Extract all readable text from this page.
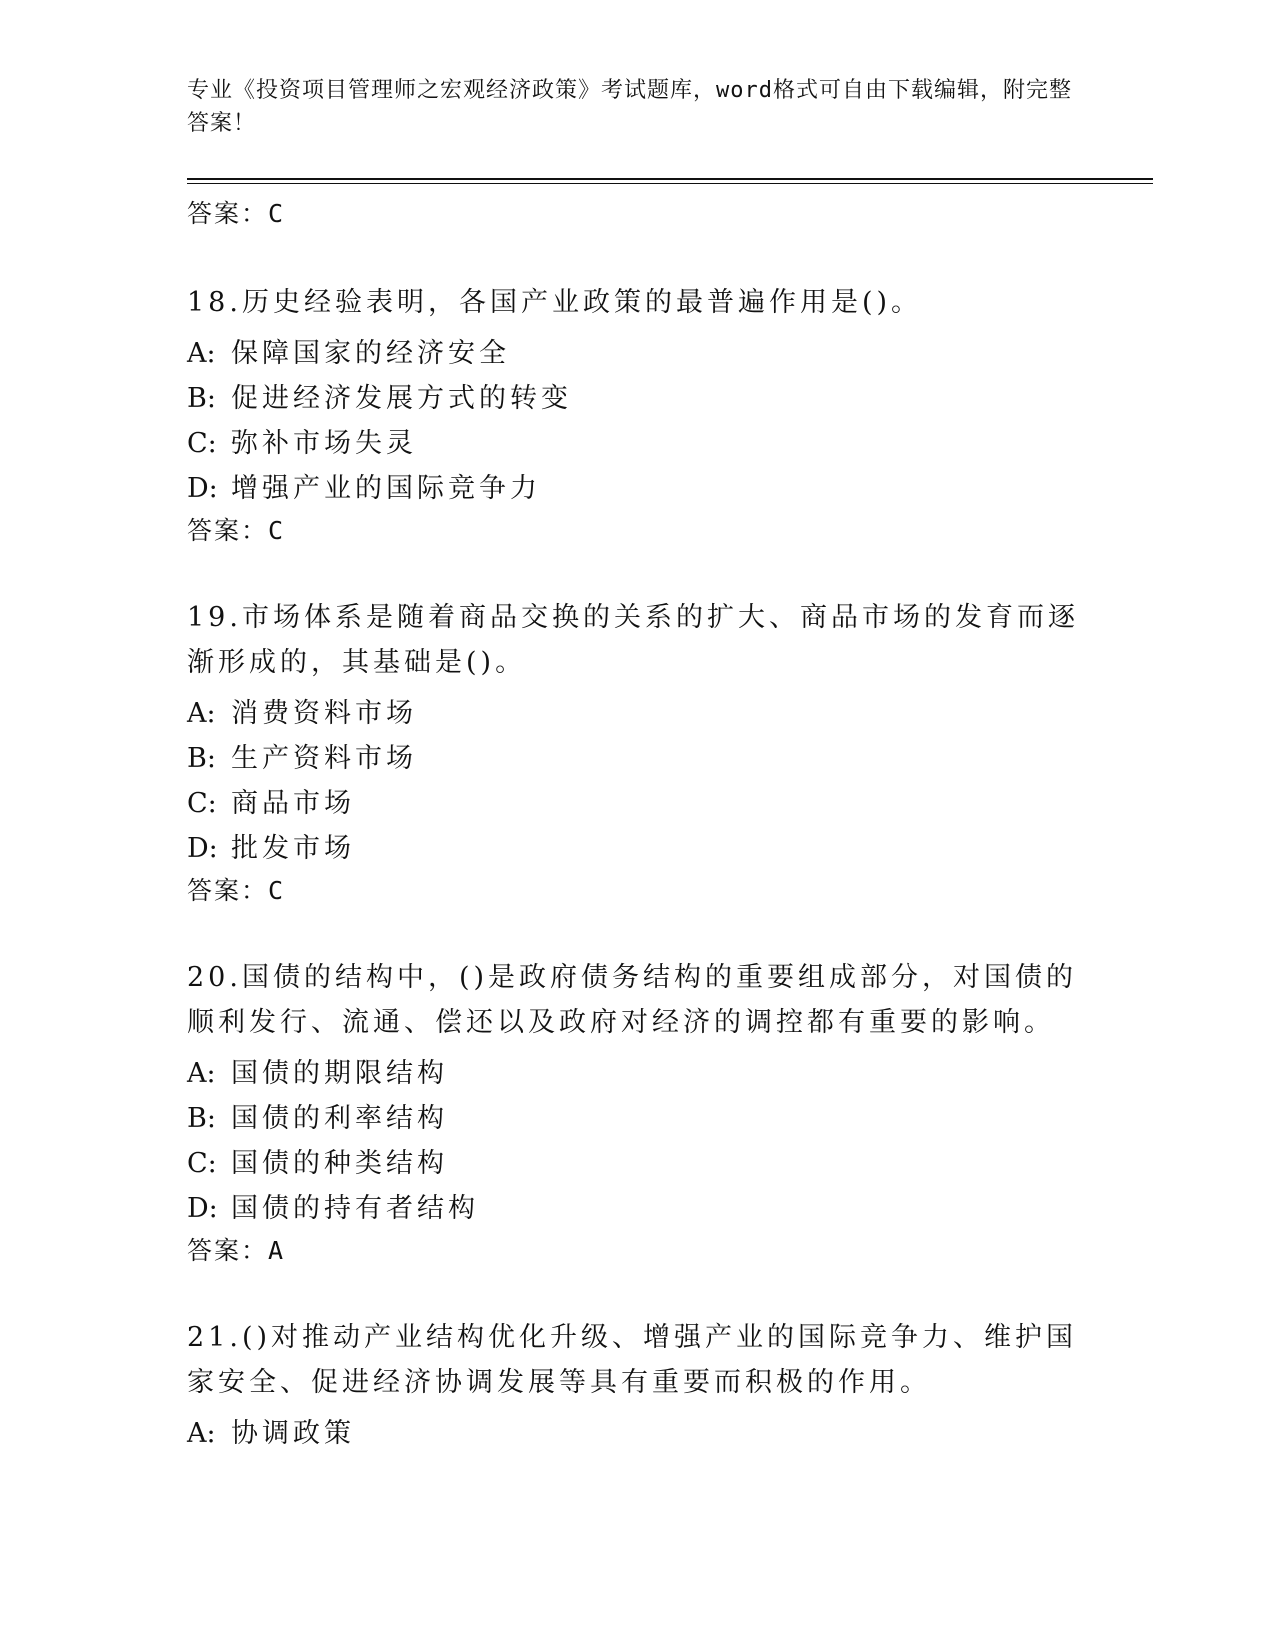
专业《投资项目管理师之宏观经济政策》考试题库，word格式可自由下载编辑，附完整答案！
答案：C
18.历史经验表明，各国产业政策的最普遍作用是()。
A: 保障国家的经济安全
B: 促进经济发展方式的转变
C: 弥补市场失灵
D: 增强产业的国际竞争力
答案：C
19.市场体系是随着商品交换的关系的扩大、商品市场的发育而逐渐形成的，其基础是()。
A: 消费资料市场
B: 生产资料市场
C: 商品市场
D: 批发市场
答案：C
20.国债的结构中，()是政府债务结构的重要组成部分，对国债的顺利发行、流通、偿还以及政府对经济的调控都有重要的影响。
A: 国债的期限结构
B: 国债的利率结构
C: 国债的种类结构
D: 国债的持有者结构
答案：A
21.()对推动产业结构优化升级、增强产业的国际竞争力、维护国家安全、促进经济协调发展等具有重要而积极的作用。
A: 协调政策
